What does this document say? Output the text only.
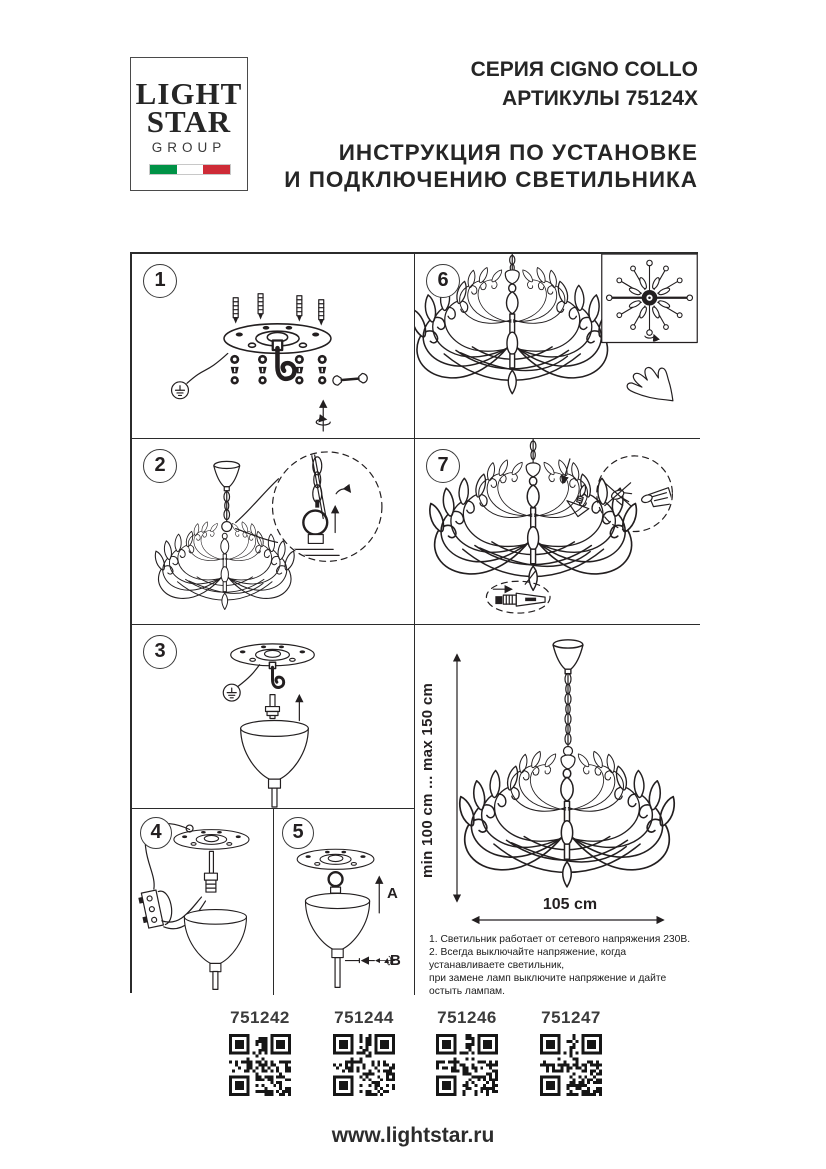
LIGHT
STAR
GROUP
СЕРИЯ CIGNO COLLO
АРТИКУЛЫ 75124X
ИНСТРУКЦИЯ ПО УСТАНОВКЕ
И ПОДКЛЮЧЕНИЮ СВЕТИЛЬНИКА
1
2
3
4	5
A
B
6
7
min 100 cm ... max 150 cm
105 cm
1. Светильник работает от сетевого напряжения 230В.
2. Всегда выключайте напряжение, когда устанавливаете светильник,
при замене ламп выключите напряжение и дайте остыть лампам.
751242	751244	751246	751247
www.lightstar.ru
